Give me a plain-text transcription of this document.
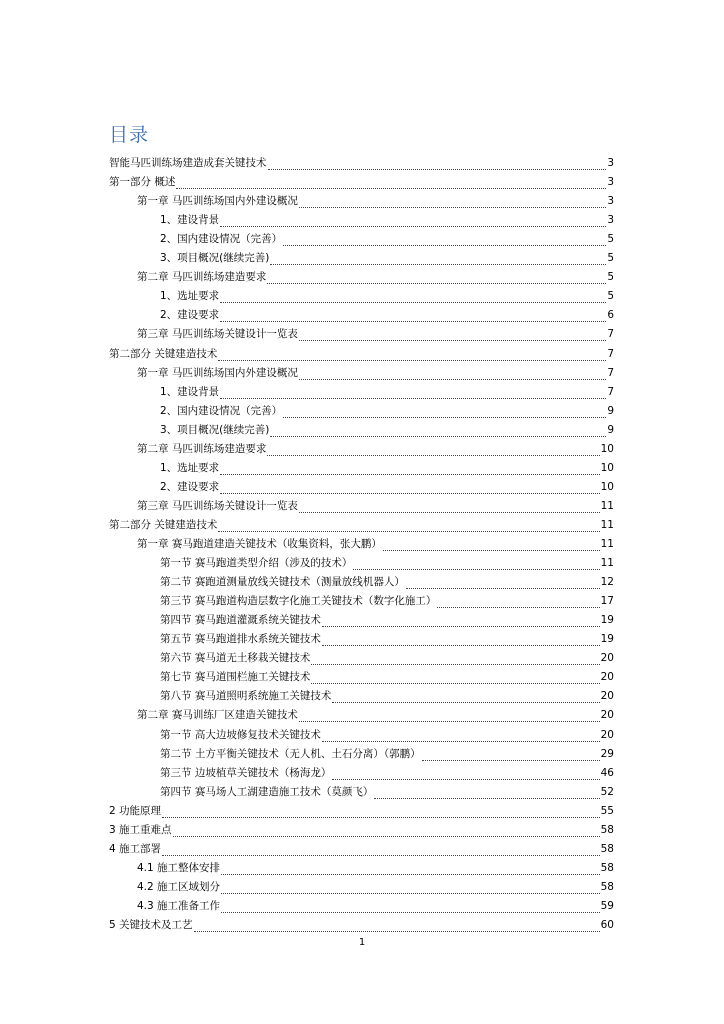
目录
智能马匹训练场建造成套关键技术	3
第一部分 概述	3
第一章 马匹训练场国内外建设概况	3
1、建设背景	3
2、国内建设情况（完善）	5
3、项目概况(继续完善)	5
第二章 马匹训练场建造要求	5
1、选址要求	5
2、建设要求	6
第三章 马匹训练场关键设计一览表	7
第二部分 关键建造技术	7
第一章 马匹训练场国内外建设概况	7
1、建设背景	7
2、国内建设情况（完善）	9
3、项目概况(继续完善)	9
第二章 马匹训练场建造要求	10
1、选址要求	10
2、建设要求	10
第三章 马匹训练场关键设计一览表	11
第二部分 关键建造技术	11
第一章 赛马跑道建造关键技术（收集资料，张大鹏）	11
第一节 赛马跑道类型介绍（涉及的技术）	11
第二节 赛跑道测量放线关键技术（测量放线机器人）	12
第三节 赛马跑道构造层数字化施工关键技术（数字化施工）	17
第四节 赛马跑道灌溉系统关键技术	19
第五节 赛马跑道排水系统关键技术	19
第六节 赛马道无土移栽关键技术	20
第七节 赛马道围栏施工关键技术	20
第八节 赛马道照明系统施工关键技术	20
第二章 赛马训练厂区建造关键技术	20
第一节 高大边坡修复技术关键技术	20
第二节 土方平衡关键技术（无人机、土石分离）（郭鹏）	29
第三节 边坡植草关键技术（杨海龙）	46
第四节 赛马场人工湖建造施工技术（莫颜飞）	52
2 功能原理	55
3 施工重难点	58
4 施工部署	58
4.1 施工整体安排	58
4.2 施工区域划分	58
4.3 施工准备工作	59
5 关键技术及工艺	60
1
